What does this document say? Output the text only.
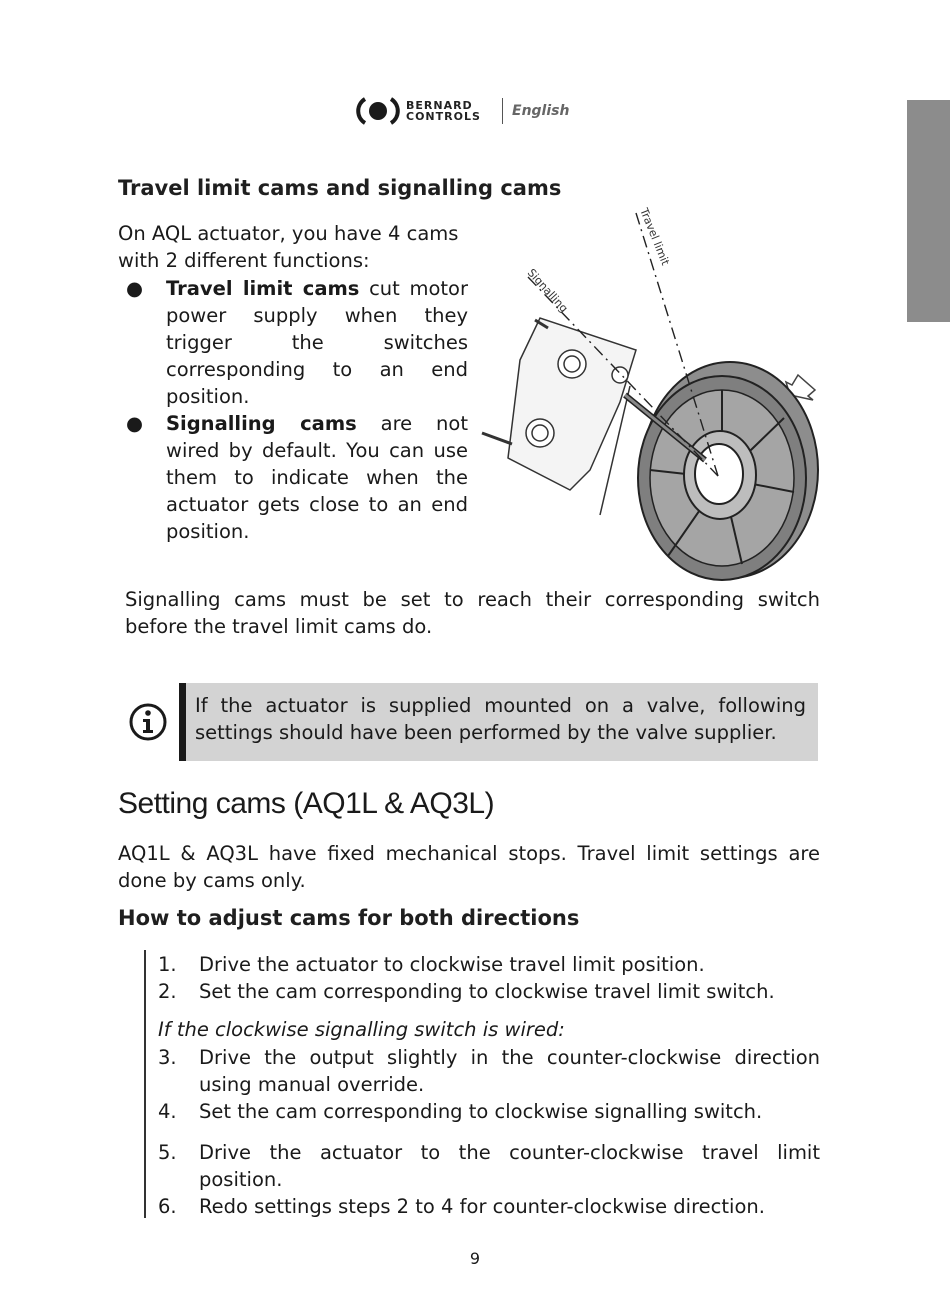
BERNARD CONTROLS	English
Travel limit cams and signalling cams

On AQL actuator, you have 4 cams with 2 different functions:

● Travel limit cams cut motor power supply when they trigger the switches corresponding to an end position.
● Signalling cams are not wired by default. You can use them to indicate when the actuator gets close to an end position.
Travel limit
Signalling

Signalling cams must be set to reach their corresponding switch before the travel limit cams do.

If the actuator is supplied mounted on a valve, following settings should have been performed by the valve supplier.
Setting cams (AQ1L & AQ3L)

AQ1L & AQ3L have fixed mechanical stops. Travel limit settings are done by cams only.

How to adjust cams for both directions
1. Drive the actuator to clockwise travel limit position.
2. Set the cam corresponding to clockwise travel limit switch.
If the clockwise signalling switch is wired:
3. Drive the output slightly in the counter-clockwise direction using manual override.
4. Set the cam corresponding to clockwise signalling switch.
5. Drive the actuator to the counter-clockwise travel limit position.
6. Redo settings steps 2 to 4 for counter-clockwise direction.
9
